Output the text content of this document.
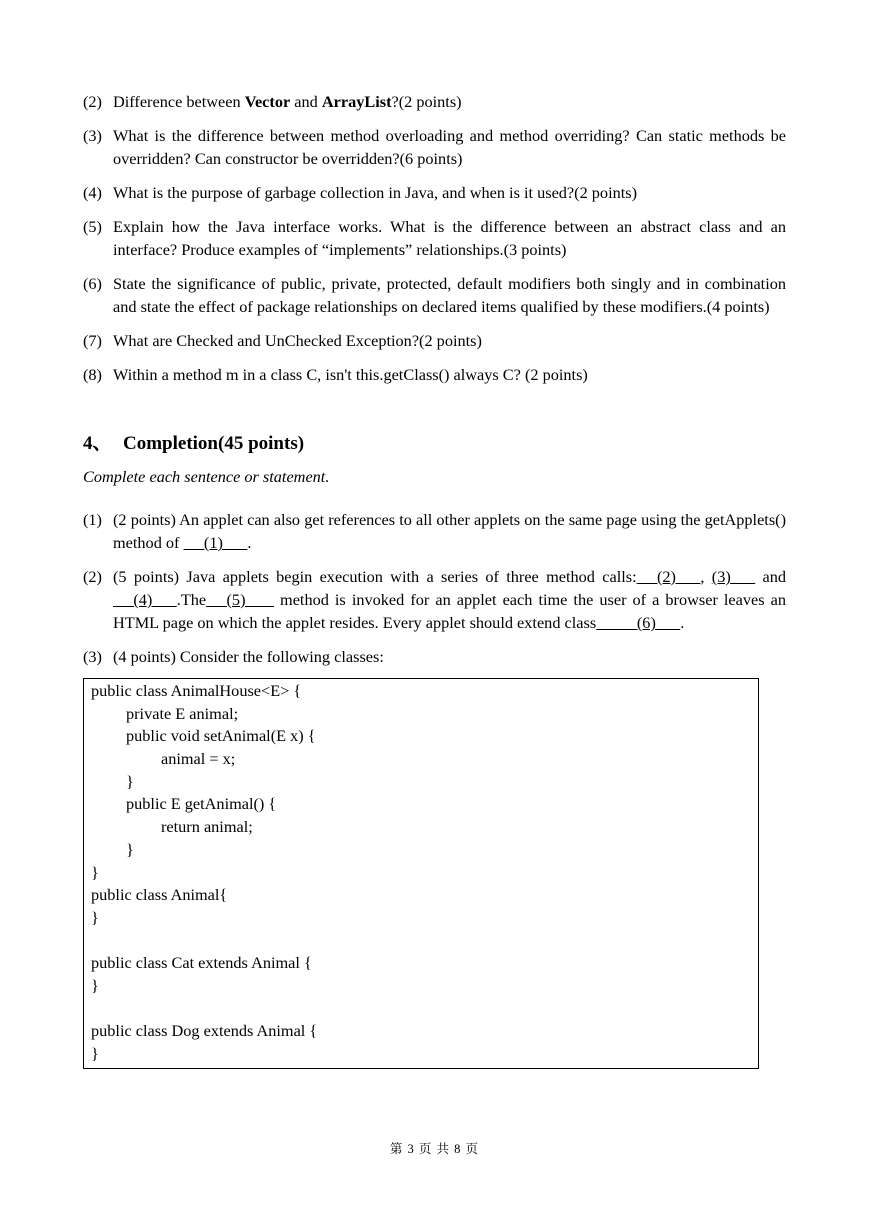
(2) Difference between Vector and ArrayList?(2 points)
(3) What is the difference between method overloading and method overriding? Can static methods be overridden? Can constructor be overridden?(6 points)
(4) What is the purpose of garbage collection in Java, and when is it used?(2 points)
(5) Explain how the Java interface works. What is the difference between an abstract class and an interface? Produce examples of “implements” relationships.(3 points)
(6) State the significance of public, private, protected, default modifiers both singly and in combination and state the effect of package relationships on declared items qualified by these modifiers.(4 points)
(7) What are Checked and UnChecked Exception?(2 points)
(8) Within a method m in a class C, isn't this.getClass() always C? (2 points)
4、 Completion(45 points)
Complete each sentence or statement.
(1) (2 points) An applet can also get references to all other applets on the same page using the getApplets() method of      (1)      .
(2) (5 points) Java applets begin execution with a series of three method calls:     (2)      , (3)       and     (4)      .The     (5)        method is invoked for an applet each time the user of a browser leaves an HTML page on which the applet resides. Every applet should extend class          (6)      .
(3) (4 points) Consider the following classes:
public class AnimalHouse<E> {
private E animal;
public void setAnimal(E x) {
animal = x;
}
public E getAnimal() {
return animal;
}
}
public class Animal{
}
public class Cat extends Animal {
}
public class Dog extends Animal {
}
第 3 页 共 8 页
